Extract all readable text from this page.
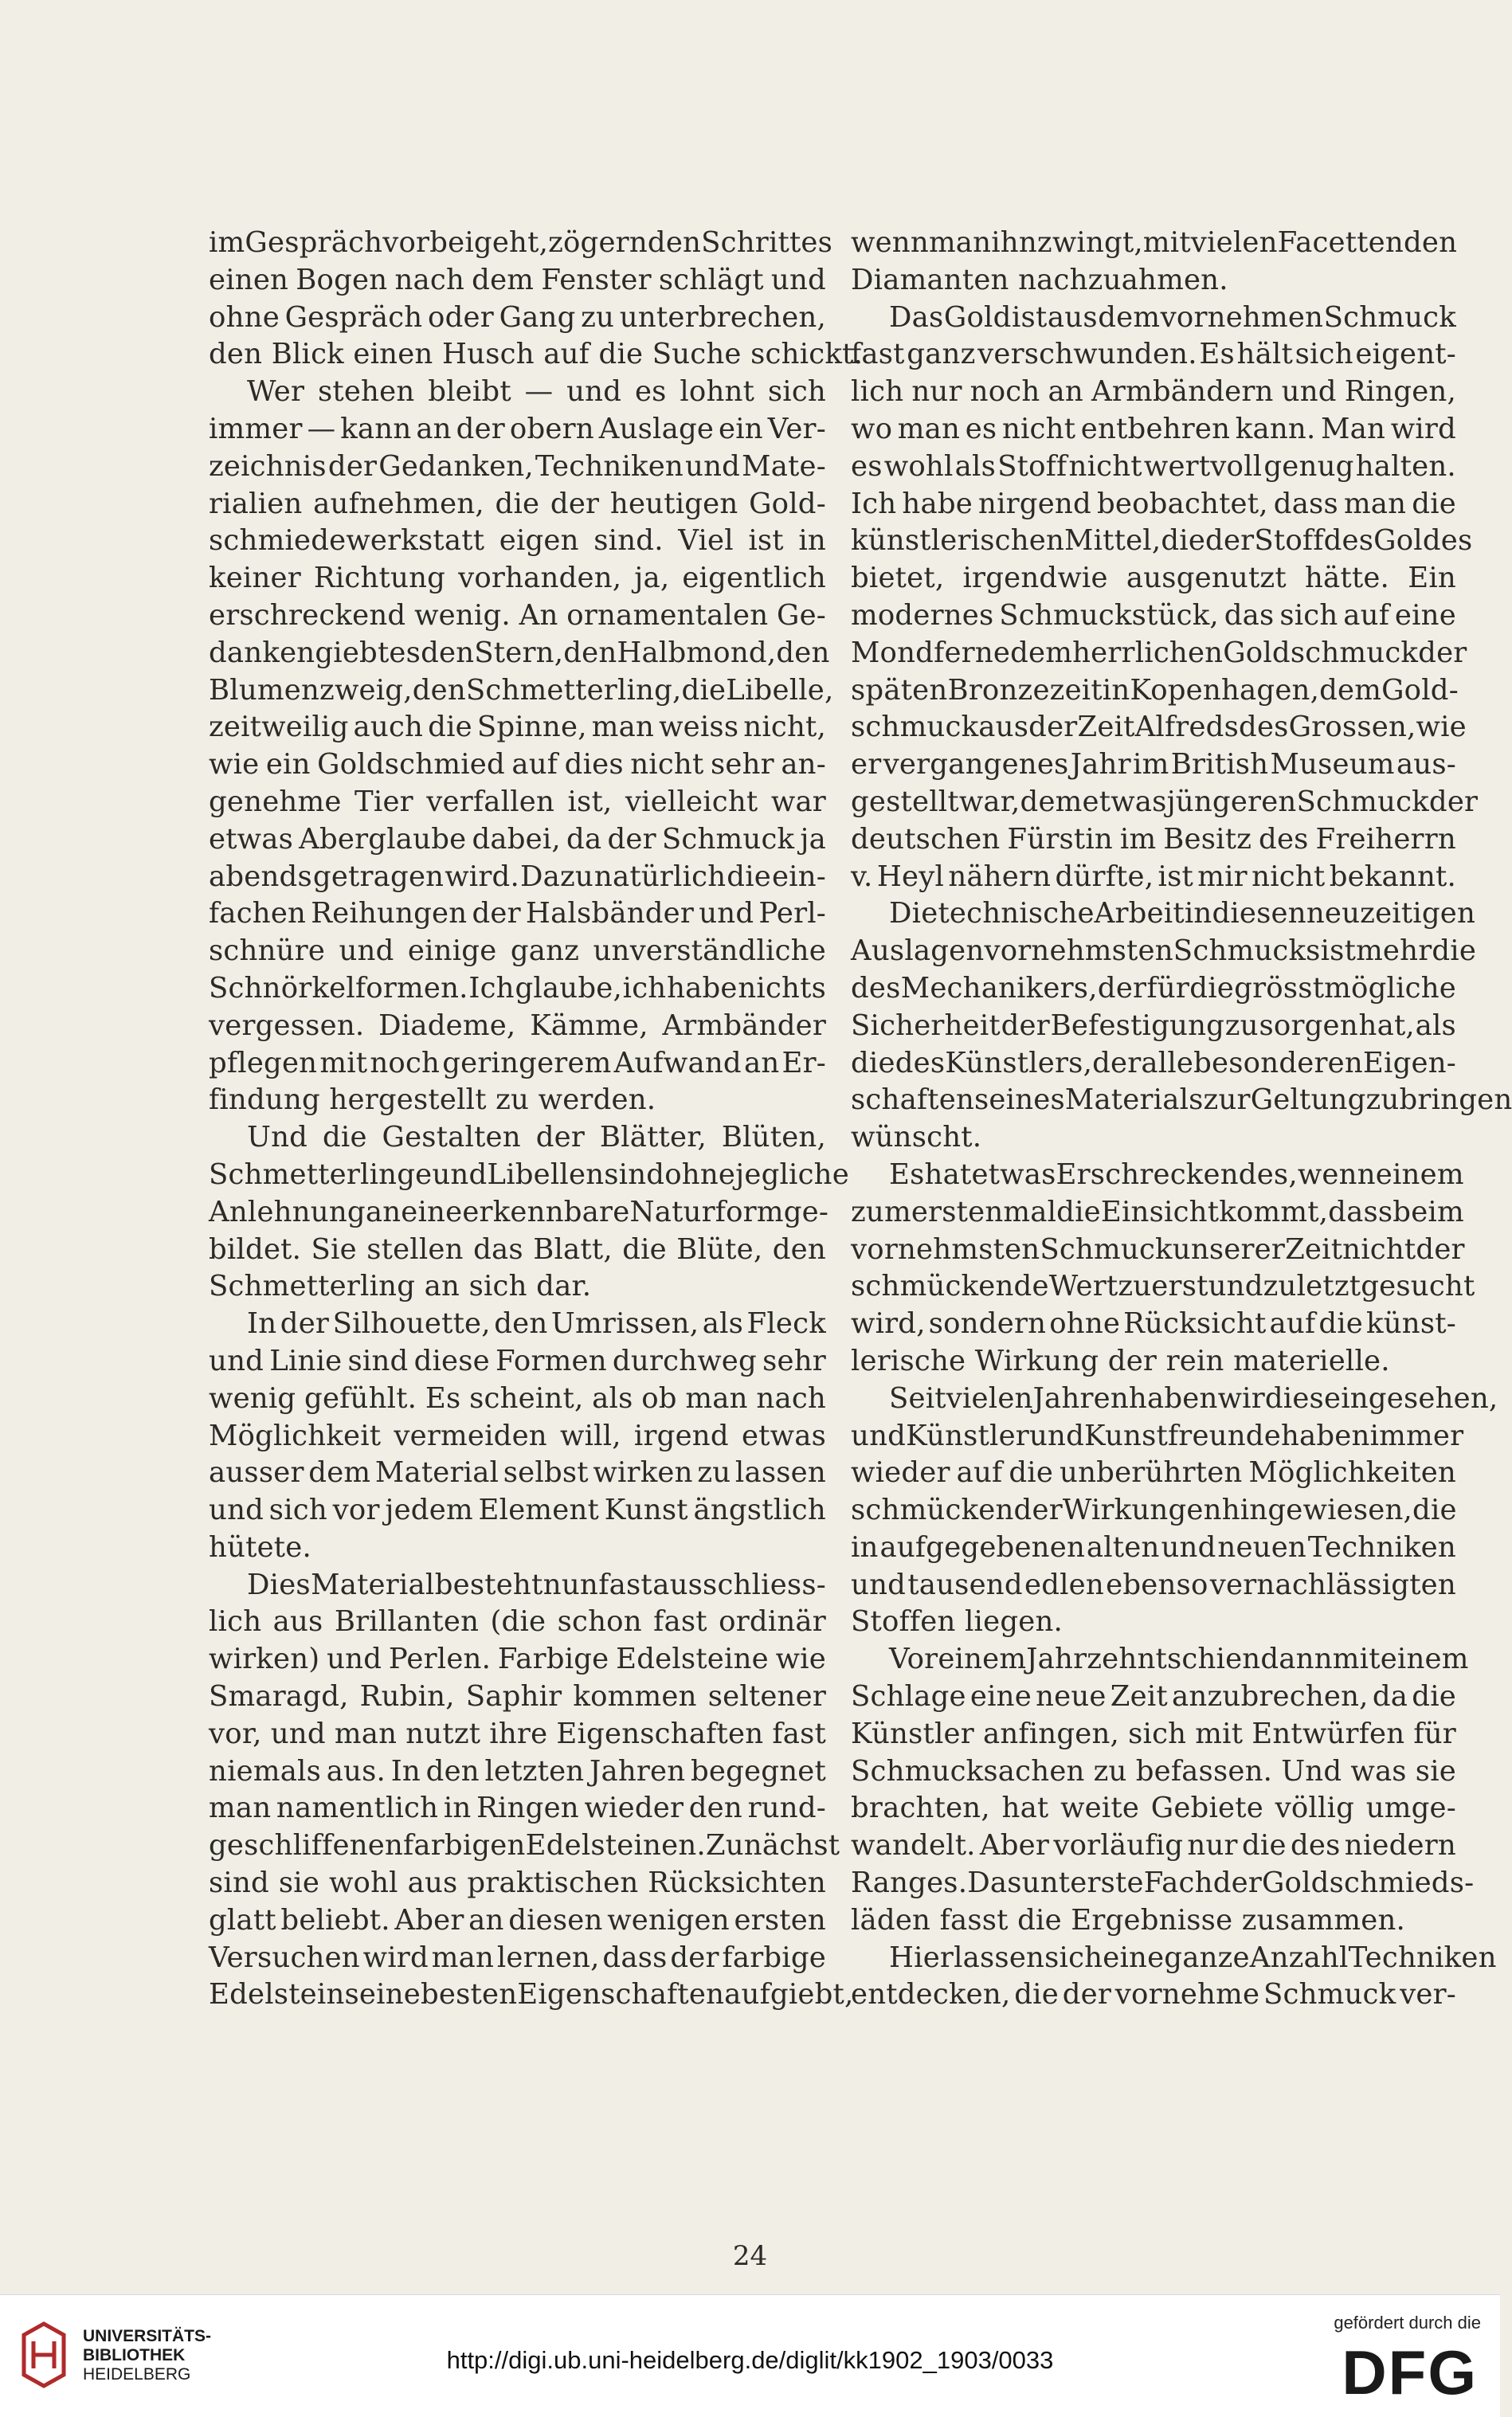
im Gespräch vorbei geht, zögernden Schrittes
einen Bogen nach dem Fenster schlägt und
ohne Gespräch oder Gang zu unterbrechen,
den Blick einen Husch auf die Suche schickt.
Wer stehen bleibt — und es lohnt sich
immer — kann an der obern Auslage ein Ver-
zeichnis der Gedanken, Techniken und Mate-
rialien aufnehmen, die der heutigen Gold-
schmiedewerkstatt eigen sind. Viel ist in
keiner Richtung vorhanden, ja, eigentlich
erschreckend wenig. An ornamentalen Ge-
danken giebt es den Stern, den Halbmond, den
Blumenzweig, den Schmetterling, die Libelle,
zeitweilig auch die Spinne, man weiss nicht,
wie ein Goldschmied auf dies nicht sehr an-
genehme Tier verfallen ist, vielleicht war
etwas Aberglaube dabei, da der Schmuck ja
abends getragen wird. Dazu natürlich die ein-
fachen Reihungen der Halsbänder und Perl-
schnüre und einige ganz unverständliche
Schnörkelformen. Ich glaube, ich habe nichts
vergessen. Diademe, Kämme, Armbänder
pflegen mit noch geringerem Aufwand an Er-
findung hergestellt zu werden.
Und die Gestalten der Blätter, Blüten,
Schmetterlinge und Libellen sind ohne jegliche
Anlehnung an eine erkennbare Naturform ge-
bildet. Sie stellen das Blatt, die Blüte, den
Schmetterling an sich dar.
In der Silhouette, den Umrissen, als Fleck
und Linie sind diese Formen durchweg sehr
wenig gefühlt. Es scheint, als ob man nach
Möglichkeit vermeiden will, irgend etwas
ausser dem Material selbst wirken zu lassen
und sich vor jedem Element Kunst ängstlich
hütete.
Dies Material besteht nun fast ausschliess-
lich aus Brillanten (die schon fast ordinär
wirken) und Perlen. Farbige Edelsteine wie
Smaragd, Rubin, Saphir kommen seltener
vor, und man nutzt ihre Eigenschaften fast
niemals aus. In den letzten Jahren begegnet
man namentlich in Ringen wieder den rund-
geschliffenen farbigen Edelsteinen. Zunächst
sind sie wohl aus praktischen Rücksichten
glatt beliebt. Aber an diesen wenigen ersten
Versuchen wird man lernen, dass der farbige
Edelstein seine besten Eigenschaften aufgiebt,
wenn man ihn zwingt, mit vielen Facetten den
Diamanten nachzuahmen.
Das Gold ist aus dem vornehmen Schmuck
fast ganz verschwunden. Es hält sich eigent-
lich nur noch an Armbändern und Ringen,
wo man es nicht entbehren kann. Man wird
es wohl als Stoff nicht wertvoll genug halten.
Ich habe nirgend beobachtet, dass man die
künstlerischen Mittel, die der Stoff des Goldes
bietet, irgendwie ausgenutzt hätte. Ein
modernes Schmuckstück, das sich auf eine
Mondferne dem herrlichen Goldschmuck der
späten Bronzezeit in Kopenhagen, dem Gold-
schmuck aus der Zeit Alfreds des Grossen, wie
er vergangenes Jahr im British Museum aus-
gestellt war, dem etwas jüngeren Schmuck der
deutschen Fürstin im Besitz des Freiherrn
v. Heyl nähern dürfte, ist mir nicht bekannt.
Die technische Arbeit in diesen neuzeitigen
Auslagen vornehmsten Schmucks ist mehr die
des Mechanikers, der für die grösstmögliche
Sicherheit der Befestigung zu sorgen hat, als
die des Künstlers, der alle besonderen Eigen-
schaften seines Materials zur Geltung zu bringen
wünscht.
Es hat etwas Erschreckendes, wenn einem
zum erstenmal die Einsicht kommt, dass beim
vornehmsten Schmuck unserer Zeit nicht der
schmückende Wert zuerst und zuletzt gesucht
wird, sondern ohne Rücksicht auf die künst-
lerische Wirkung der rein materielle.
Seit vielen Jahren haben wir dies eingesehen,
und Künstler und Kunstfreunde haben immer
wieder auf die unberührten Möglichkeiten
schmückender Wirkungen hingewiesen, die
in aufgegebenen alten und neuen Techniken
und tausend edlen ebenso vernachlässigten
Stoffen liegen.
Vor einem Jahrzehnt schien dann mit einem
Schlage eine neue Zeit anzubrechen, da die
Künstler anfingen, sich mit Entwürfen für
Schmucksachen zu befassen. Und was sie
brachten, hat weite Gebiete völlig umge-
wandelt. Aber vorläufig nur die des niedern
Ranges. Das unterste Fach der Goldschmieds-
läden fasst die Ergebnisse zusammen.
Hier lassen sich eine ganze Anzahl Techniken
entdecken, die der vornehme Schmuck ver-
24
UNIVERSITÄTS-
BIBLIOTHEK
HEIDELBERG
http://digi.ub.uni-heidelberg.de/diglit/kk1902_1903/0033
gefördert durch die
DFG
